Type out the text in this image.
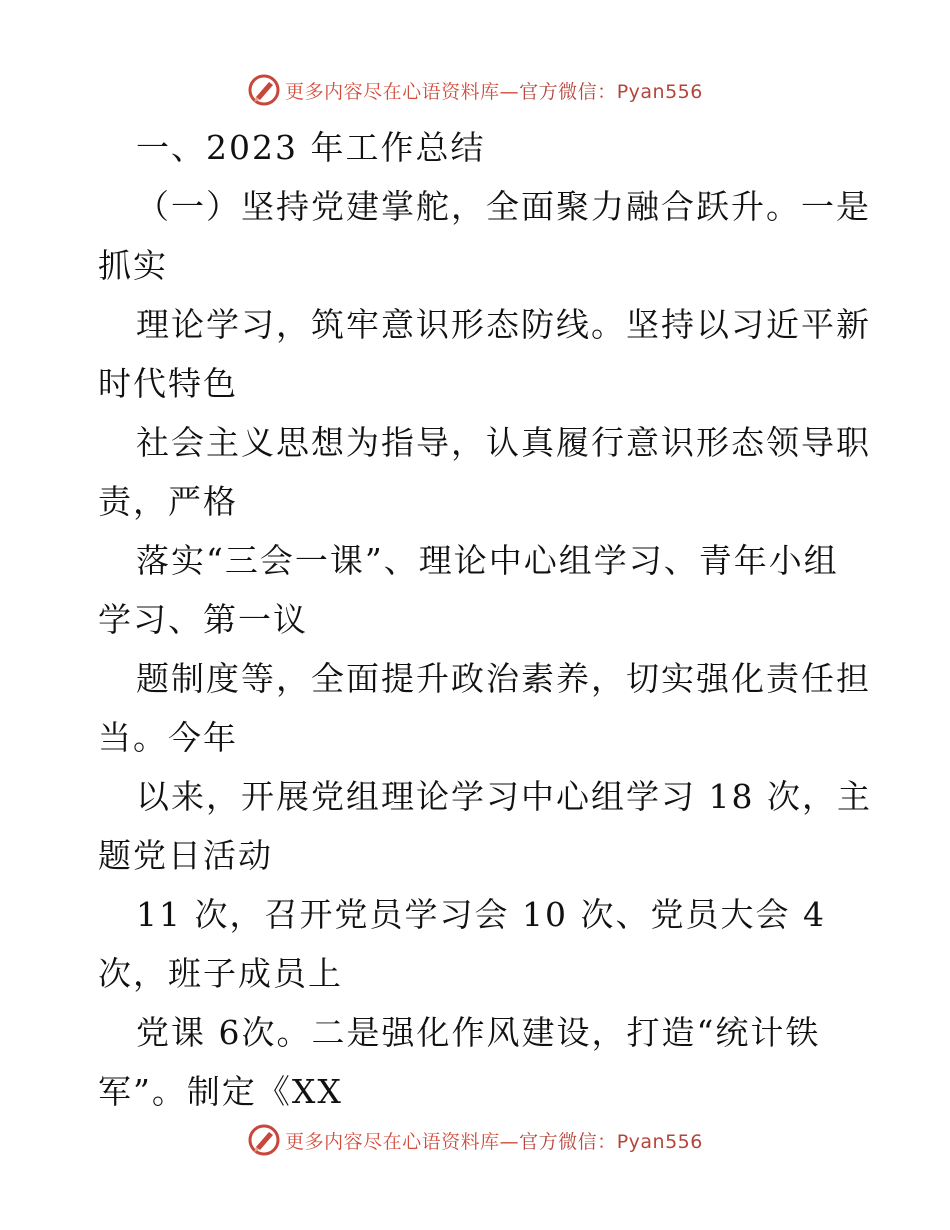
更多内容尽在心语资料库—官方微信：Pyan556
一、2023 年工作总结
（一）坚持党建掌舵，全面聚力融合跃升。一是
抓实
理论学习，筑牢意识形态防线。坚持以习近平新
时代特色
社会主义思想为指导，认真履行意识形态领导职
责，严格
落实“三会一课”、理论中心组学习、青年小组
学习、第一议
题制度等，全面提升政治素养，切实强化责任担
当。今年
以来，开展党组理论学习中心组学习 18 次，主
题党日活动
11 次，召开党员学习会 10 次、党员大会 4
次，班子成员上
党课 6次。二是强化作风建设，打造“统计铁
军”。制定《XX
更多内容尽在心语资料库—官方微信：Pyan556
